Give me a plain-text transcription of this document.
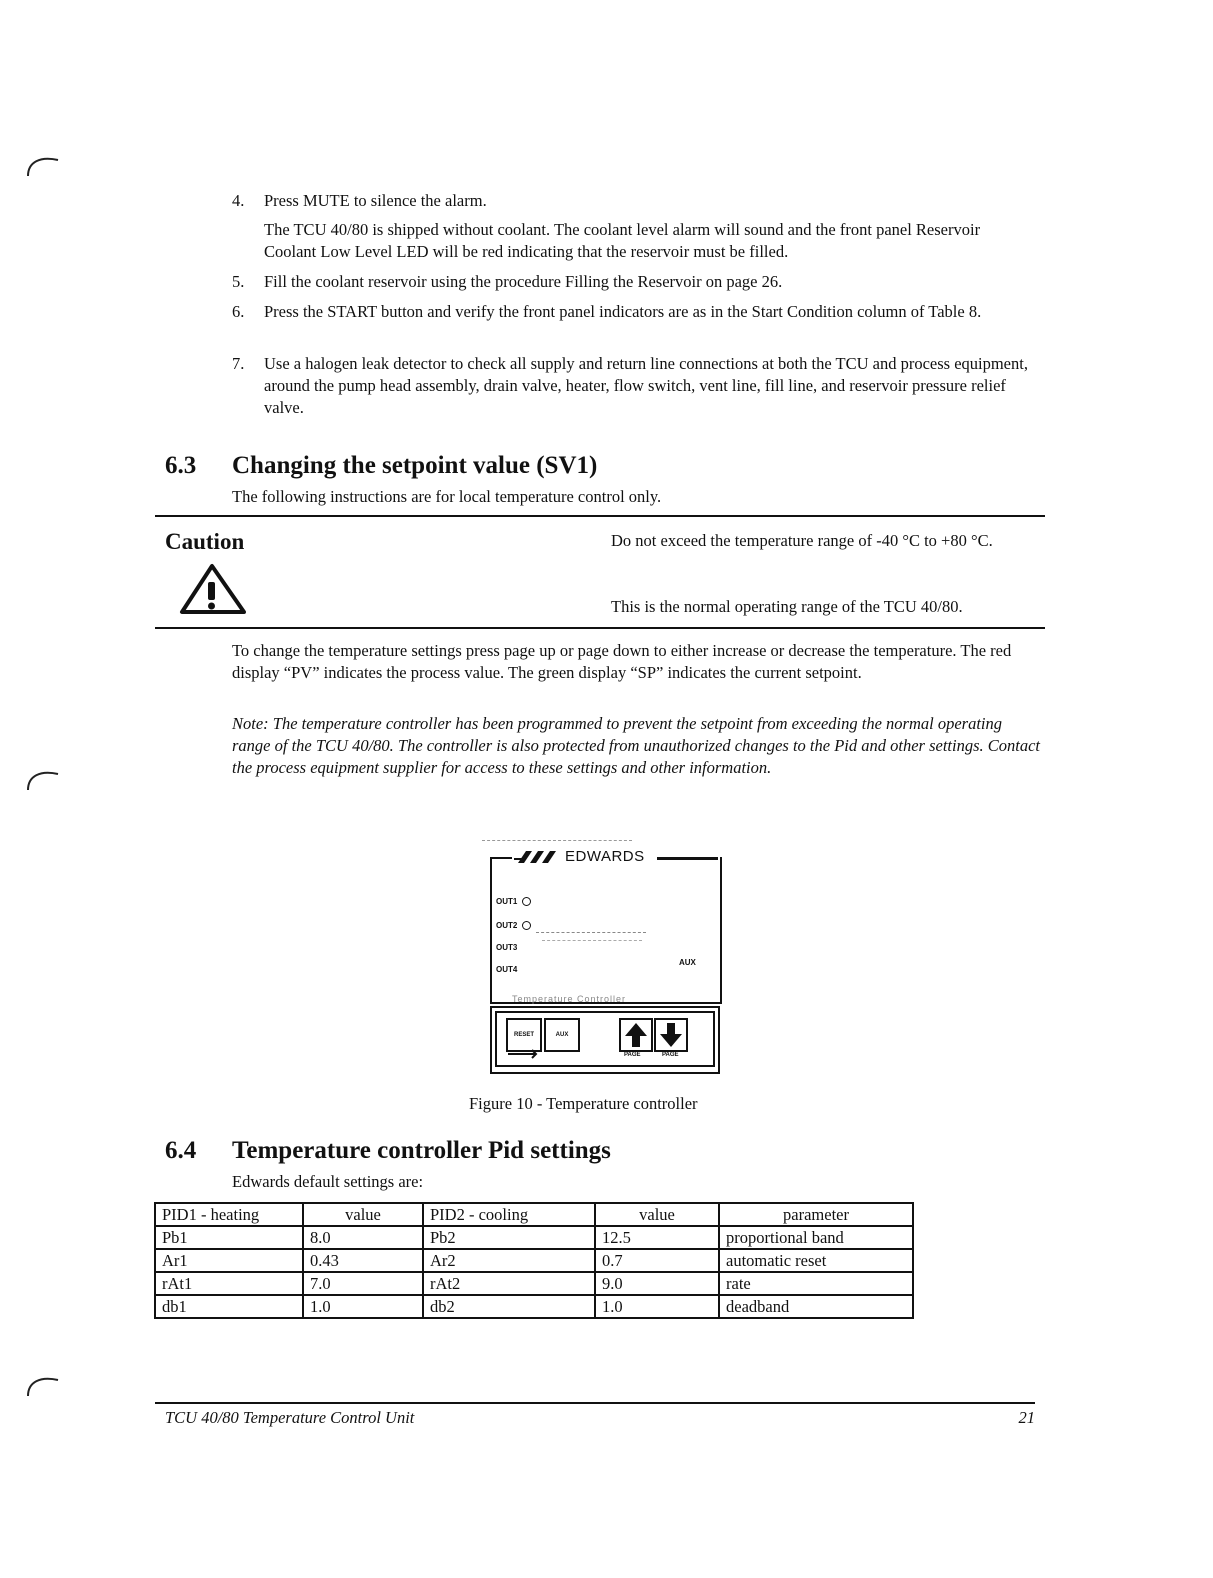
4. Press MUTE to silence the alarm.
The TCU 40/80 is shipped without coolant. The coolant level alarm will sound and the front panel Reservoir Coolant Low Level LED will be red indicating that the reservoir must be filled.
5. Fill the coolant reservoir using the procedure Filling the Reservoir on page 26.
6. Press the START button and verify the front panel indicators are as in the Start Condition column of Table 8.
7. Use a halogen leak detector to check all supply and return line connections at both the TCU and process equipment, around the pump head assembly, drain valve, heater, flow switch, vent line, fill line, and reservoir pressure relief valve.
6.3 Changing the setpoint value (SV1)
The following instructions are for local temperature control only.
Caution	Do not exceed the temperature range of -40 °C to +80 °C.
This is the normal operating range of the TCU 40/80.
To change the temperature settings press page up or page down to either increase or decrease the temperature. The red display “PV” indicates the process value. The green display “SP” indicates the current setpoint.
Note: The temperature controller has been programmed to prevent the setpoint from exceeding the normal operating range of the TCU 40/80. The controller is also protected from unauthorized changes to the Pid and other settings. Contact the process equipment supplier for access to these settings and other information.
EDWARDS
OUT1
OUT2
OUT3
OUT4
AUX
Temperature Controller
RESET	AUX
PAGE	PAGE
Figure 10 - Temperature controller
6.4 Temperature controller Pid settings
Edwards default settings are:
PID1 - heating	value	PID2 - cooling	value	parameter
Pb1	8.0	Pb2	12.5	proportional band
Ar1	0.43	Ar2	0.7	automatic reset
rAt1	7.0	rAt2	9.0	rate
db1	1.0	db2	1.0	deadband
TCU 40/80 Temperature Control Unit	21
